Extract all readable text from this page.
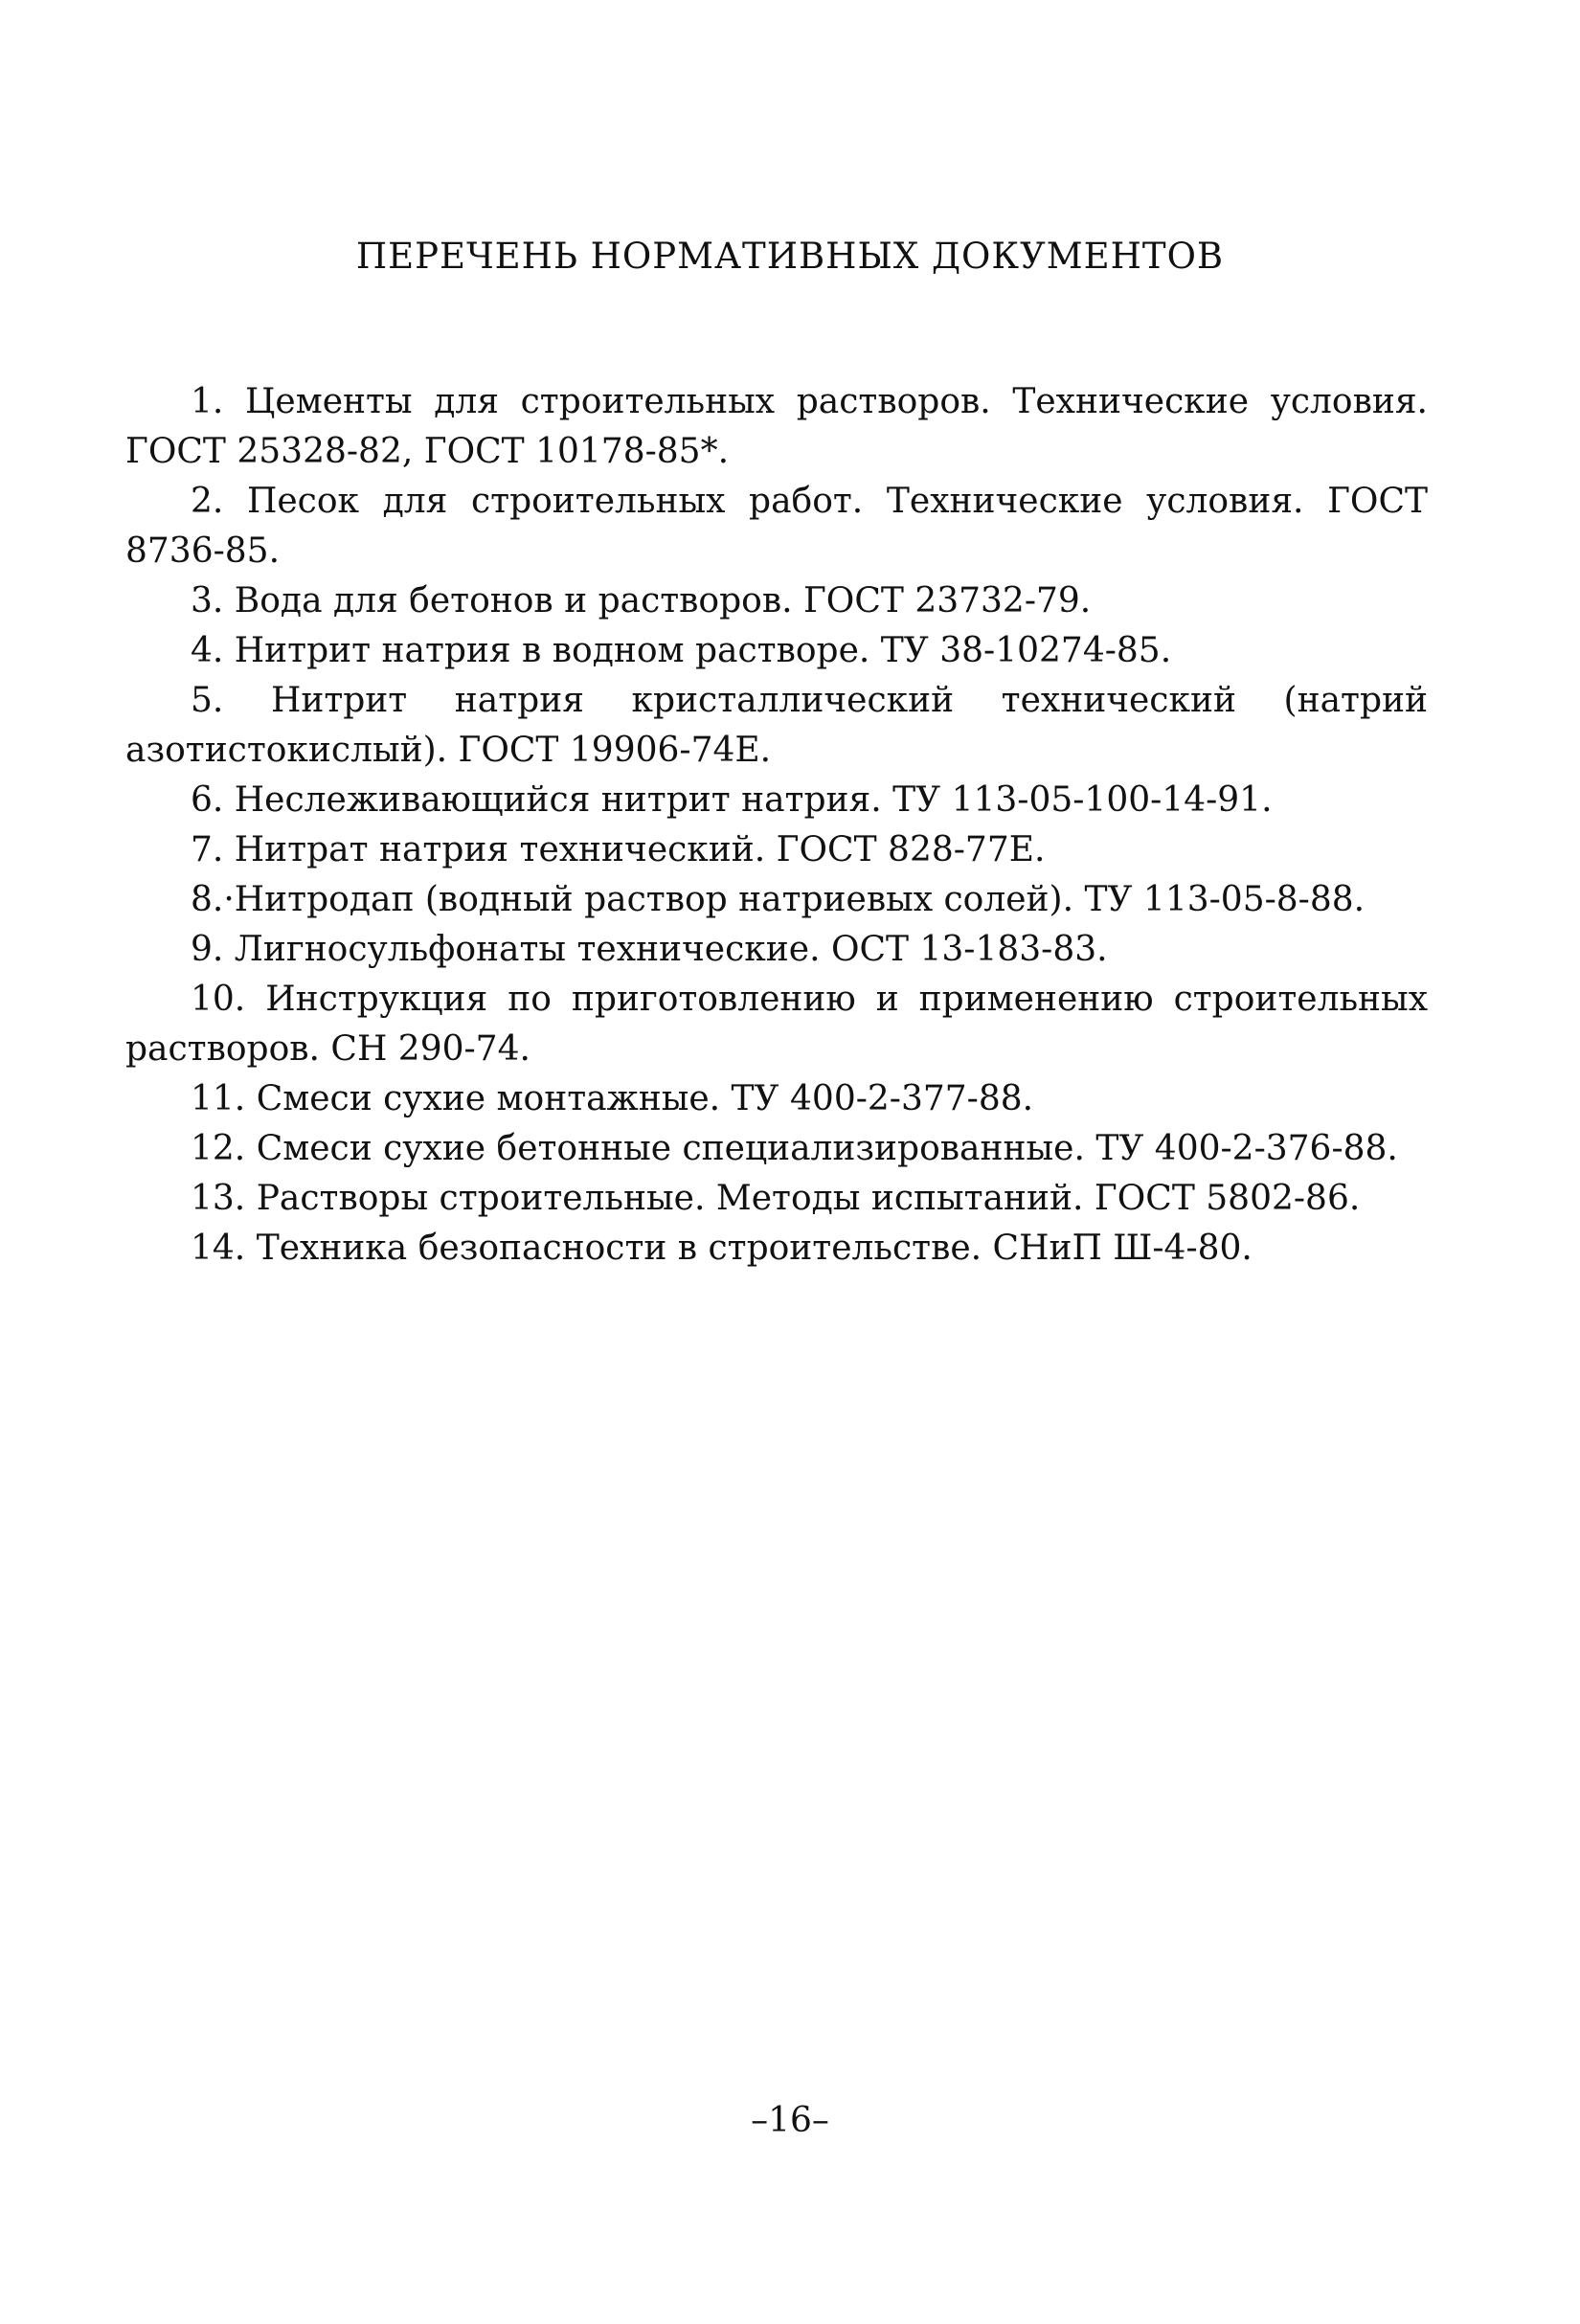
ПЕРЕЧЕНЬ НОРМАТИВНЫХ ДОКУМЕНТОВ
1. Цементы для строительных растворов. Технические условия. ГОСТ 25328-82, ГОСТ 10178-85*.
2. Песок для строительных работ. Технические условия. ГОСТ 8736-85.
3. Вода для бетонов и растворов. ГОСТ 23732-79.
4. Нитрит натрия в водном растворе. ТУ 38-10274-85.
5. Нитрит натрия кристаллический технический (натрий азотистокислый). ГОСТ 19906-74Е.
6. Неслеживающийся нитрит натрия. ТУ 113-05-100-14-91.
7. Нитрат натрия технический. ГОСТ 828-77Е.
8.·Нитродап (водный раствор натриевых солей). ТУ 113-05-8-88.
9. Лигносульфонаты технические. ОСТ 13-183-83.
10. Инструкция по приготовлению и применению строительных растворов. СН 290-74.
11. Смеси сухие монтажные. ТУ 400-2-377-88.
12. Смеси сухие бетонные специализированные. ТУ 400-2-376-88.
13. Растворы строительные. Методы испытаний. ГОСТ 5802-86.
14. Техника безопасности в строительстве. СНиП Ш-4-80.
–16–
